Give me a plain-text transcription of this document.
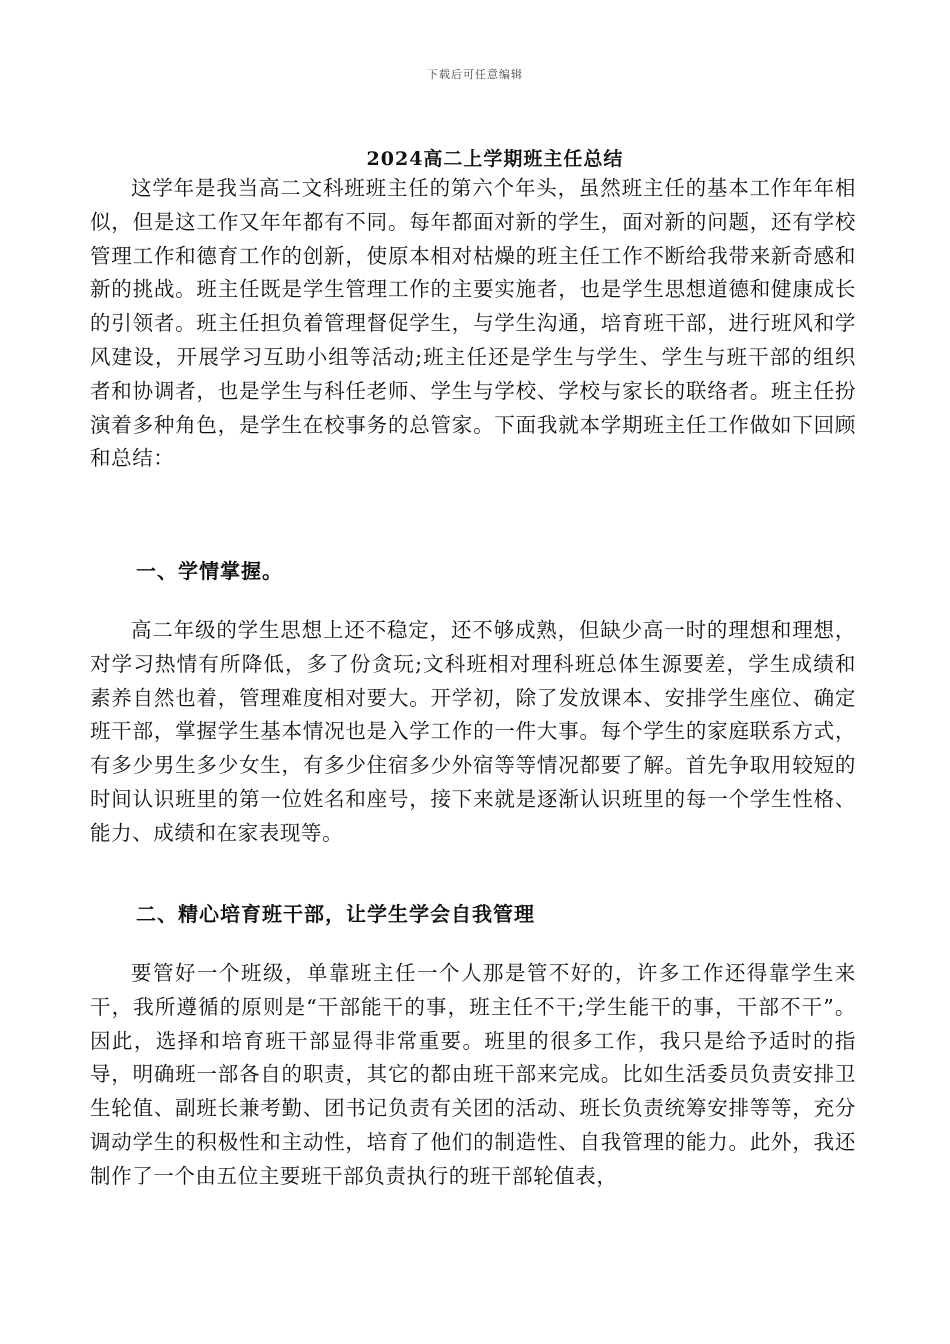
下载后可任意编辑
2024高二上学期班主任总结

这学年是我当高二文科班班主任的第六个年头，虽然班主任的基本工作年年相似，但是这工作又年年都有不同。每年都面对新的学生，面对新的问题，还有学校管理工作和德育工作的创新，使原本相对枯燥的班主任工作不断给我带来新奇感和新的挑战。班主任既是学生管理工作的主要实施者，也是学生思想道德和健康成长的引领者。班主任担负着管理督促学生，与学生沟通，培育班干部，进行班风和学风建设，开展学习互助小组等活动;班主任还是学生与学生、学生与班干部的组织者和协调者，也是学生与科任老师、学生与学校、学校与家长的联络者。班主任扮演着多种角色，是学生在校事务的总管家。下面我就本学期班主任工作做如下回顾和总结：

一、学情掌握。

高二年级的学生思想上还不稳定，还不够成熟，但缺少高一时的理想和理想，对学习热情有所降低，多了份贪玩;文科班相对理科班总体生源要差，学生成绩和素养自然也着，管理难度相对要大。开学初，除了发放课本、安排学生座位、确定班干部，掌握学生基本情况也是入学工作的一件大事。每个学生的家庭联系方式，有多少男生多少女生，有多少住宿多少外宿等等情况都要了解。首先争取用较短的时间认识班里的第一位姓名和座号，接下来就是逐渐认识班里的每一个学生性格、能力、成绩和在家表现等。

二、精心培育班干部，让学生学会自我管理

要管好一个班级，单靠班主任一个人那是管不好的，许多工作还得靠学生来干，我所遵循的原则是“干部能干的事，班主任不干;学生能干的事，干部不干”。因此，选择和培育班干部显得非常重要。班里的很多工作，我只是给予适时的指导，明确班一部各自的职责，其它的都由班干部来完成。比如生活委员负责安排卫生轮值、副班长兼考勤、团书记负责有关团的活动、班长负责统筹安排等等，充分调动学生的积极性和主动性，培育了他们的制造性、自我管理的能力。此外，我还制作了一个由五位主要班干部负责执行的班干部轮值表，
